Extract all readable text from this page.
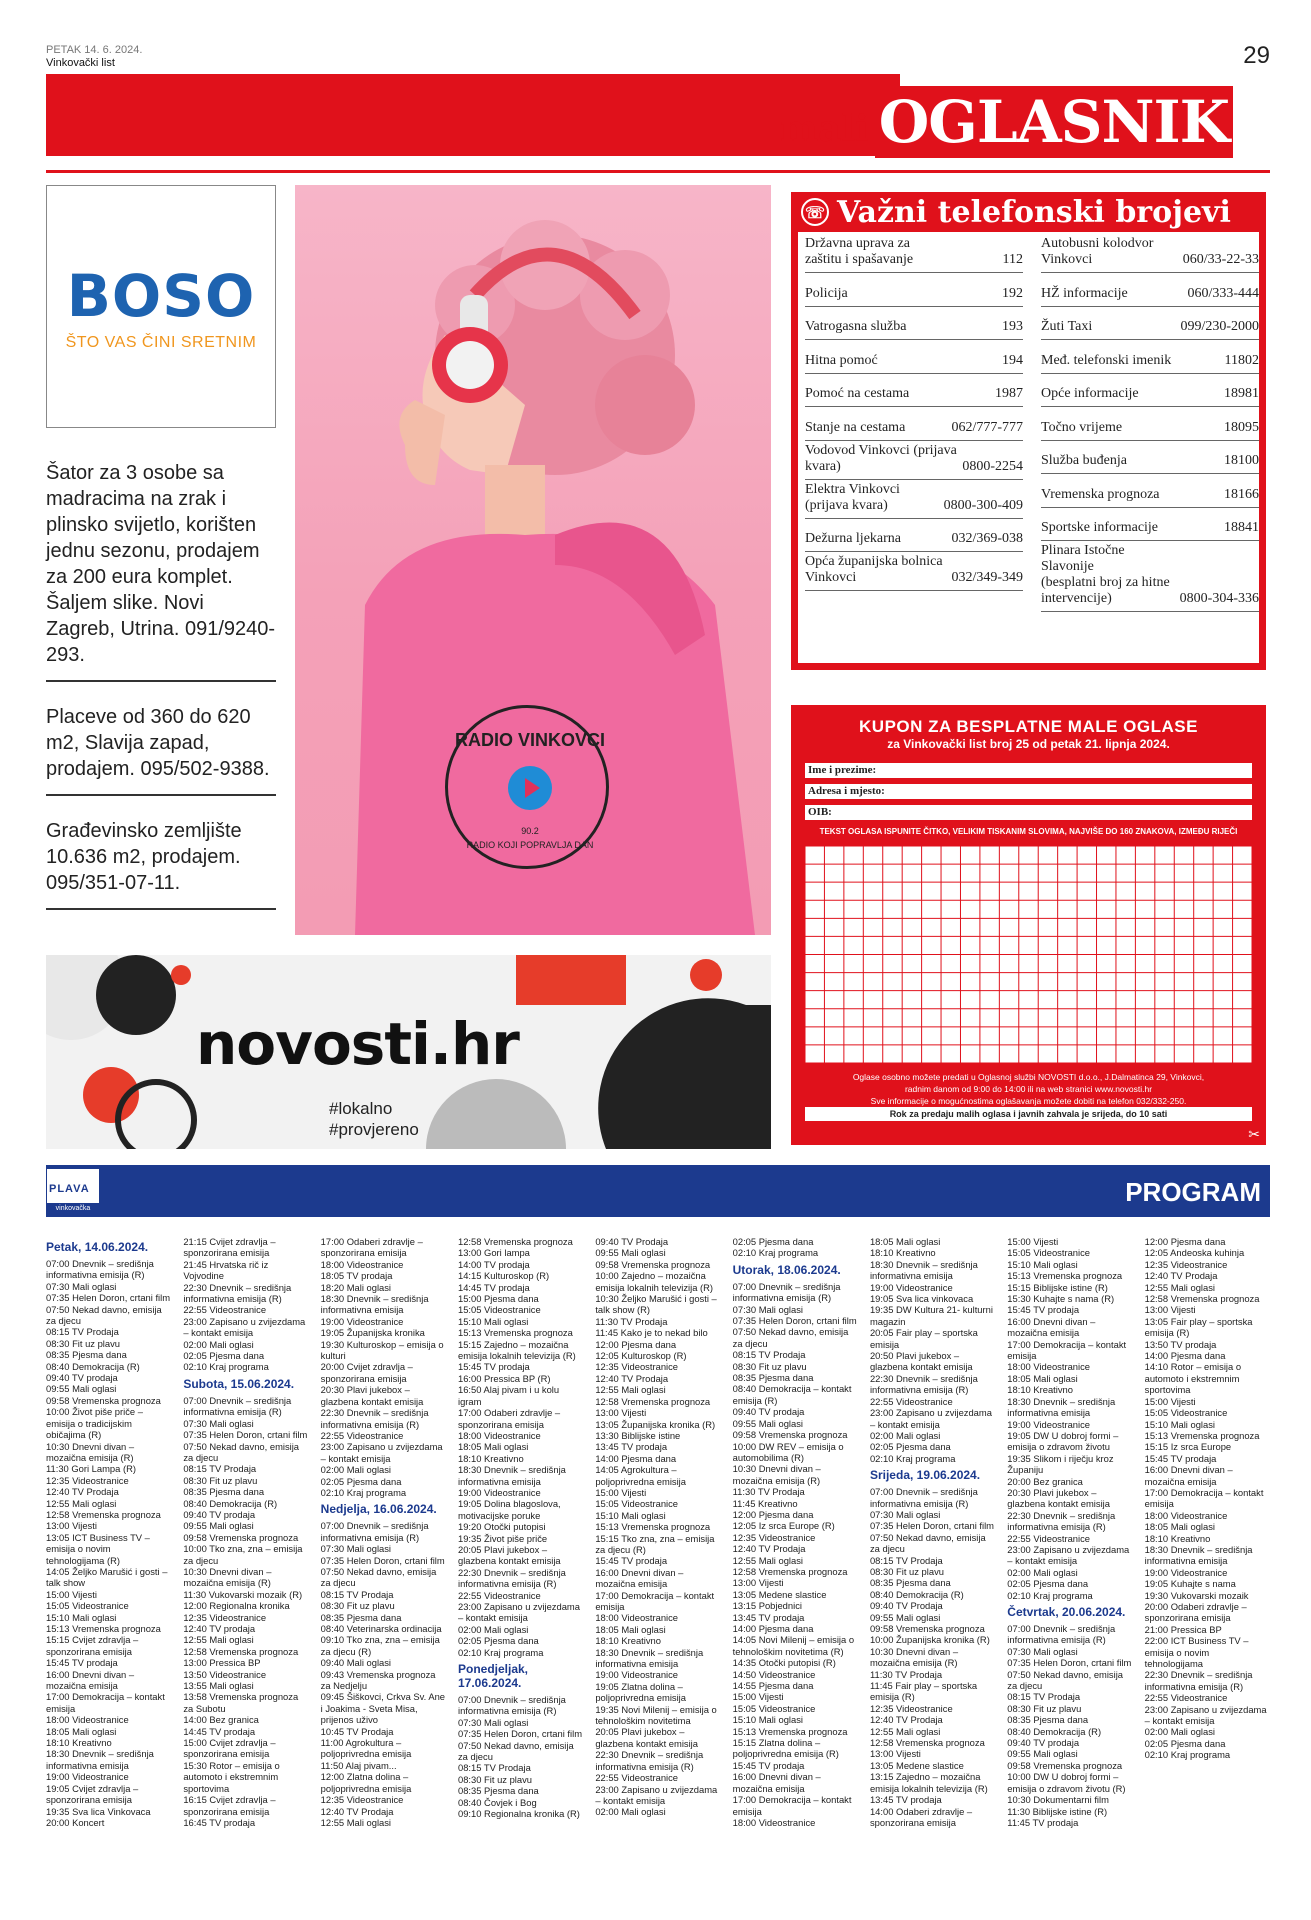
PETAK 14. 6. 2024.
Vinkovački list	29
mali OGLASNIK
BOSO
ŠTO VAS ČINI SRETNIM
Šator za 3 osobe sa madracima na zrak i plinsko svijetlo, korišten jednu sezonu, prodajem za 200 eura komplet. Šaljem slike. Novi Zagreb, Utrina. 091/9240-293.
Placeve od 360 do 620 m2, Slavija zapad, prodajem. 095/502-9388.
Građevinsko zemljište 10.636 m2, prodajem. 095/351-07-11.
RADIO VINKOVCI
90.2
RADIO KOJI POPRAVLJA DAN
novosti.hr
#lokalno
#provjereno
☏ Važni telefonski brojevi
Državna uprava za
zaštitu i spašavanje	112
Policija	192
Vatrogasna služba	193
Hitna pomoć	194
Pomoć na cestama	1987
Stanje na cestama	062/777-777
Vodovod Vinkovci (prijava
kvara)	0800-2254
Elektra Vinkovci (prijava kvara)	0800-300-409
Dežurna ljekarna	032/369-038
Opća županijska bolnica
Vinkovci	032/349-349
Autobusni kolodvor Vinkovci	060/33-22-33
HŽ informacije	060/333-444
Žuti Taxi	099/230-2000
Međ. telefonski imenik	11802
Opće informacije	18981
Točno vrijeme	18095
Služba buđenja	18100
Vremenska prognoza	18166
Sportske informacije	18841
Plinara Istočne Slavonije
(besplatni broj za hitne intervencije)	0800-304-336
KUPON ZA BESPLATNE MALE OGLASE
za Vinkovački list broj 25 od petak 21. lipnja 2024.
Ime i prezime:
Adresa i mjesto:
OIB:
TEKST OGLASA ISPUNITE ČITKO, VELIKIM TISKANIM SLOVIMA, NAJVIŠE DO 160 ZNAKOVA, IZMEĐU RIJEČI
Oglase osobno možete predati u Oglasnoj službi NOVOSTI d.o.o., J.Dalmatinca 29, Vinkovci,
radnim danom od 9:00 do 14:00 ili na web stranici www.novosti.hr
Sve informacije o mogućnostima oglašavanja možete dobiti na telefon 032/332-250.
Rok za predaju malih oglasa i javnih zahvala je srijeda, do 10 sati
✂
PLAVA
vinkovačka
PROGRAM
Petak, 14.06.2024.
07:00 Dnevnik – središnja informativna emisija (R)
07:30 Mali oglasi
07:35 Helen Doron, crtani film
07:50 Nekad davno, emisija za djecu
08:15 TV Prodaja
08:30 Fit uz plavu
08:35 Pjesma dana
08:40 Demokracija (R)
09:40 TV prodaja
09:55 Mali oglasi
09:58 Vremenska prognoza
10:00 Život piše priče – emisija o tradicijskim običajima (R)
10:30 Dnevni divan – mozaična emisija (R)
11:30 Gori Lampa (R)
12:35 Videostranice
12:40 TV Prodaja
12:55 Mali oglasi
12:58 Vremenska prognoza
13:00 Vijesti
13:05 ICT Business TV – emisija o novim tehnologijama (R)
14:05 Željko Marušić i gosti – talk show
15:00 Vijesti
15:05 Videostranice
15:10 Mali oglasi
15:13 Vremenska prognoza
15:15 Cvijet zdravlja – sponzorirana emisija
15:45 TV prodaja
16:00 Dnevni divan – mozaična emisija
17:00 Demokracija – kontakt emisija
18:00 Videostranice
18:05 Mali oglasi
18:10 Kreativno
18:30 Dnevnik – središnja informativna emisija
19:00 Videostranice
19:05 Cvijet zdravlja – sponzorirana emisija
19:35 Sva lica Vinkovaca
20:00 Koncert
21:15 Cvijet zdravlja – sponzorirana emisija
21:45 Hrvatska rič iz Vojvodine
22:30 Dnevnik – središnja informativna emisija (R)
22:55 Videostranice
23:00 Zapisano u zvijezdama – kontakt emisija
02:00 Mali oglasi
02:05 Pjesma dana
02:10 Kraj programa
Subota, 15.06.2024.
07:00 Dnevnik – središnja informativna emisija (R)
07:30 Mali oglasi
07:35 Helen Doron, crtani film
07:50 Nekad davno, emisija za djecu
08:15 TV Prodaja
08:30 Fit uz plavu
08:35 Pjesma dana
08:40 Demokracija (R)
09:40 TV prodaja
09:55 Mali oglasi
09:58 Vremenska prognoza
10:00 Tko zna, zna – emisija za djecu
10:30 Dnevni divan – mozaična emisija (R)
11:30 Vukovarski mozaik (R)
12:00 Regionalna kronika
12:35 Videostranice
12:40 TV prodaja
12:55 Mali oglasi
12:58 Vremenska prognoza
13:00 Pressica BP
13:50 Videostranice
13:55 Mali oglasi
13:58 Vremenska prognoza za Subotu
14:00 Bez granica
14:45 TV prodaja
15:00 Cvijet zdravlja – sponzorirana emisija
15:30 Rotor – emisija o automoto i ekstremnim sportovima
16:15 Cvijet zdravlja – sponzorirana emisija
16:45 TV prodaja
17:00 Odaberi zdravlje – sponzorirana emisija
18:00 Videostranice
18:05 TV prodaja
18:20 Mali oglasi
18:30 Dnevnik – središnja informativna emisija
19:00 Videostranice
19:05 Županijska kronika
19:30 Kulturoskop – emisija o kulturi
20:00 Cvijet zdravlja – sponzorirana emisija
20:30 Plavi jukebox – glazbena kontakt emisija
22:30 Dnevnik – središnja informativna emisija (R)
22:55 Videostranice
23:00 Zapisano u zvijezdama – kontakt emisija
02:00 Mali oglasi
02:05 Pjesma dana
02:10 Kraj programa
Nedjelja, 16.06.2024.
07:00 Dnevnik – središnja informativna emisija (R)
07:30 Mali oglasi
07:35 Helen Doron, crtani film
07:50 Nekad davno, emisija za djecu
08:15 TV Prodaja
08:30 Fit uz plavu
08:35 Pjesma dana
08:40 Veterinarska ordinacija
09:10 Tko zna, zna – emisija za djecu (R)
09:40 Mali oglasi
09:43 Vremenska prognoza za Nedjelju
09:45 Šiškovci, Crkva Sv. Ane i Joakima - Sveta Misa, prijenos uživo
10:45 TV Prodaja
11:00 Agrokultura – poljoprivredna emisija
11:50 Alaj pivam...
12:00 Zlatna dolina – poljoprivredna emisija
12:35 Videostranice
12:40 TV Prodaja
12:55 Mali oglasi
12:58 Vremenska prognoza
13:00 Gori lampa
14:00 TV prodaja
14:15 Kulturoskop (R)
14:45 TV prodaja
15:00 Pjesma dana
15:05 Videostranice
15:10 Mali oglasi
15:13 Vremenska prognoza
15:15 Zajedno – mozaična emisija lokalnih televizija (R)
15:45 TV prodaja
16:00 Pressica BP (R)
16:50 Alaj pivam i u kolu igram
17:00 Odaberi zdravlje – sponzorirana emisija
18:00 Videostranice
18:05 Mali oglasi
18:10 Kreativno
18:30 Dnevnik – središnja informativna emisija
19:00 Videostranice
19:05 Dolina blagoslova, motivacijske poruke
19:20 Otočki putopisi
19:35 Život piše priče
20:05 Plavi jukebox – glazbena kontakt emisija
22:30 Dnevnik – središnja informativna emisija (R)
22:55 Videostranice
23:00 Zapisano u zvijezdama – kontakt emisija
02:00 Mali oglasi
02:05 Pjesma dana
02:10 Kraj programa
Ponedjeljak, 17.06.2024.
07:00 Dnevnik – središnja informativna emisija (R)
07:30 Mali oglasi
07:35 Helen Doron, crtani film
07:50 Nekad davno, emisija za djecu
08:15 TV Prodaja
08:30 Fit uz plavu
08:35 Pjesma dana
08:40 Čovjek i Bog
09:10 Regionalna kronika (R)
09:40 TV Prodaja
09:55 Mali oglasi
09:58 Vremenska prognoza
10:00 Zajedno – mozaična emisija lokalnih televizija (R)
10:30 Željko Marušić i gosti – talk show (R)
11:30 TV Prodaja
11:45 Kako je to nekad bilo
12:00 Pjesma dana
12:05 Kulturoskop (R)
12:35 Videostranice
12:40 TV Prodaja
12:55 Mali oglasi
12:58 Vremenska prognoza
13:00 Vijesti
13:05 Županijska kronika (R)
13:30 Bibliјske istine
13:45 TV prodaja
14:00 Pjesma dana
14:05 Agrokultura – poljoprivredna emisija
15:00 Vijesti
15:05 Videostranice
15:10 Mali oglasi
15:13 Vremenska prognoza
15:15 Tko zna, zna – emisija za djecu (R)
15:45 TV prodaja
16:00 Dnevni divan – mozaična emisija
17:00 Demokracija – kontakt emisija
18:00 Videostranice
18:05 Mali oglasi
18:10 Kreativno
18:30 Dnevnik – središnja informativna emisija
19:00 Videostranice
19:05 Zlatna dolina – poljoprivredna emisija
19:35 Novi Milenij – emisija o tehnološkim novitetima
20:05 Plavi jukebox – glazbena kontakt emisija
22:30 Dnevnik – središnja informativna emisija (R)
22:55 Videostranice
23:00 Zapisano u zvijezdama – kontakt emisija
02:00 Mali oglasi
02:05 Pjesma dana
02:10 Kraj programa
Utorak, 18.06.2024.
07:00 Dnevnik – središnja informativna emisija (R)
07:30 Mali oglasi
07:35 Helen Doron, crtani film
07:50 Nekad davno, emisija za djecu
08:15 TV Prodaja
08:30 Fit uz plavu
08:35 Pjesma dana
08:40 Demokracija – kontakt emisija (R)
09:40 TV prodaja
09:55 Mali oglasi
09:58 Vremenska prognoza
10:00 DW REV – emisija o automobilima (R)
10:30 Dnevni divan – mozaična emisija (R)
11:30 TV Prodaja
11:45 Kreativno
12:00 Pjesma dana
12:05 Iz srca Europe (R)
12:35 Videostranice
12:40 TV Prodaja
12:55 Mali oglasi
12:58 Vremenska prognoza
13:00 Vijesti
13:05 Medene slastice
13:15 Pobjednici
13:45 TV prodaja
14:00 Pjesma dana
14:05 Novi Milenij – emisija o tehnološkim novitetima (R)
14:35 Otočki putopisi (R)
14:50 Videostranice
14:55 Pjesma dana
15:00 Vijesti
15:05 Videostranice
15:10 Mali oglasi
15:13 Vremenska prognoza
15:15 Zlatna dolina – poljoprivredna emisija (R)
15:45 TV prodaja
16:00 Dnevni divan – mozaična emisija
17:00 Demokracija – kontakt emisija
18:00 Videostranice
18:05 Mali oglasi
18:10 Kreativno
18:30 Dnevnik – središnja informativna emisija
19:00 Videostranice
19:05 Sva lica vinkovaca
19:35 DW Kultura 21- kulturni magazin
20:05 Fair play – sportska emisija
20:50 Plavi jukebox – glazbena kontakt emisija
22:30 Dnevnik – središnja informativna emisija (R)
22:55 Videostranice
23:00 Zapisano u zvijezdama – kontakt emisija
02:00 Mali oglasi
02:05 Pjesma dana
02:10 Kraj programa
Srijeda, 19.06.2024.
07:00 Dnevnik – središnja informativna emisija (R)
07:30 Mali oglasi
07:35 Helen Doron, crtani film
07:50 Nekad davno, emisija za djecu
08:15 TV Prodaja
08:30 Fit uz plavu
08:35 Pjesma dana
08:40 Demokracija (R)
09:40 TV Prodaja
09:55 Mali oglasi
09:58 Vremenska prognoza
10:00 Županijska kronika (R)
10:30 Dnevni divan – mozaična emisija (R)
11:30 TV Prodaja
11:45 Fair play – sportska emisija (R)
12:35 Videostranice
12:40 TV Prodaja
12:55 Mali oglasi
12:58 Vremenska prognoza
13:00 Vijesti
13:05 Medene slastice
13:15 Zajedno – mozaična emisija lokalnih televizija (R)
13:45 TV prodaja
14:00 Odaberi zdravlje – sponzorirana emisija
15:00 Vijesti
15:05 Videostranice
15:10 Mali oglasi
15:13 Vremenska prognoza
15:15 Biblijske istine (R)
15:30 Kuhajte s nama (R)
15:45 TV prodaja
16:00 Dnevni divan – mozaična emisija
17:00 Demokracija – kontakt emisija
18:00 Videostranice
18:05 Mali oglasi
18:10 Kreativno
18:30 Dnevnik – središnja informativna emisija
19:00 Videostranice
19:05 DW U dobroj formi – emisija o zdravom životu
19:35 Slikom i riječju kroz Županiju
20:00 Bez granica
20:30 Plavi jukebox – glazbena kontakt emisija
22:30 Dnevnik – središnja informativna emisija (R)
22:55 Videostranice
23:00 Zapisano u zvijezdama – kontakt emisija
02:00 Mali oglasi
02:05 Pjesma dana
02:10 Kraj programa
Četvrtak, 20.06.2024.
07:00 Dnevnik – središnja informativna emisija (R)
07:30 Mali oglasi
07:35 Helen Doron, crtani film
07:50 Nekad davno, emisija za djecu
08:15 TV Prodaja
08:30 Fit uz plavu
08:35 Pjesma dana
08:40 Demokracija (R)
09:40 TV prodaja
09:55 Mali oglasi
09:58 Vremenska prognoza
10:00 DW U dobroj formi – emisija o zdravom životu (R)
10:30 Dokumentarni film
11:30 Biblijske istine (R)
11:45 TV prodaja
12:00 Pjesma dana
12:05 Andeoska kuhinja
12:35 Videostranice
12:40 TV Prodaja
12:55 Mali oglasi
12:58 Vremenska prognoza
13:00 Vijesti
13:05 Fair play – sportska emisija (R)
13:50 TV prodaja
14:00 Pjesma dana
14:10 Rotor – emisija o automoto i ekstremnim sportovima
15:00 Vijesti
15:05 Videostranice
15:10 Mali oglasi
15:13 Vremenska prognoza
15:15 Iz srca Europe
15:45 TV prodaja
16:00 Dnevni divan – mozaična emisija
17:00 Demokracija – kontakt emisija
18:00 Videostranice
18:05 Mali oglasi
18:10 Kreativno
18:30 Dnevnik – središnja informativna emisija
19:00 Videostranice
19:05 Kuhajte s nama
19:30 Vukovarski mozaik
20:00 Odaberi zdravlje – sponzorirana emisija
21:00 Pressica BP
22:00 ICT Business TV – emisija o novim tehnologijama
22:30 Dnevnik – središnja informativna emisija (R)
22:55 Videostranice
23:00 Zapisano u zvijezdama – kontakt emisija
02:00 Mali oglasi
02:05 Pjesma dana
02:10 Kraj programa
